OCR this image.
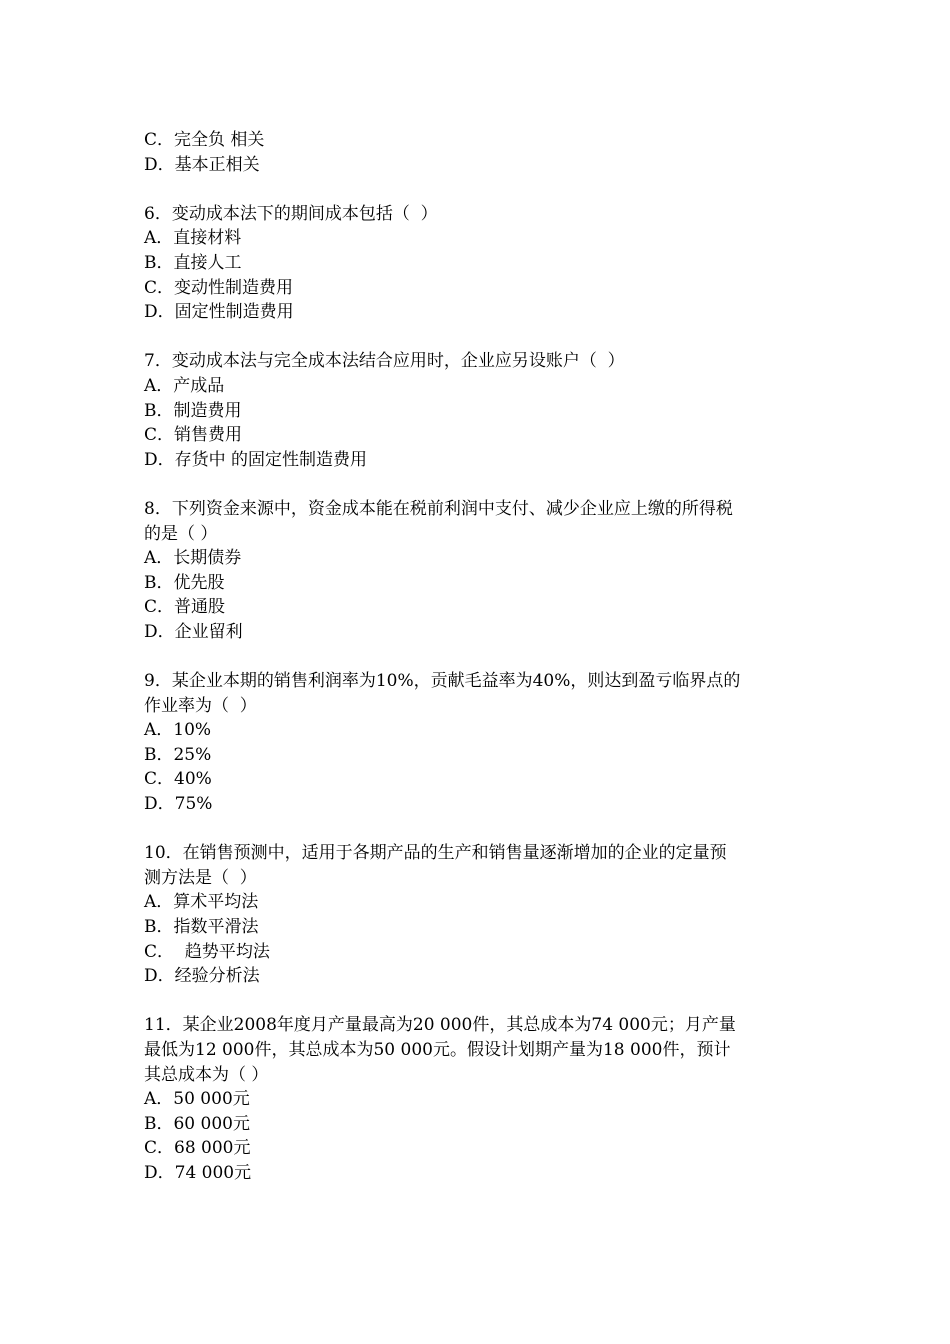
C．完全负 相关
D．基本正相关
6．变动成本法下的期间成本包括（  ）
A．直接材料
B．直接人工
C．变动性制造费用
D．固定性制造费用
7．变动成本法与完全成本法结合应用时，企业应另设账户（  ）
A．产成品
B．制造费用
C．销售费用
D．存货中 的固定性制造费用
8．下列资金来源中，资金成本能在税前利润中支付、减少企业应上缴的所得税
的是（ ）
A．长期债券
B．优先股
C．普通股
D．企业留利
9．某企业本期的销售利润率为10%，贡献毛益率为40%，则达到盈亏临界点的
作业率为（  ）
A．10%
B．25%
C．40%
D．75%
10．在销售预测中，适用于各期产品的生产和销售量逐渐增加的企业的定量预
测方法是（  ）
A．算术平均法
B．指数平滑法
C．  趋势平均法
D．经验分析法
11．某企业2008年度月产量最高为20 000件，其总成本为74 000元；月产量
最低为12 000件，其总成本为50 000元。假设计划期产量为18 000件，预计
其总成本为（ ）
A．50 000元
B．60 000元
C．68 000元
D．74 000元
